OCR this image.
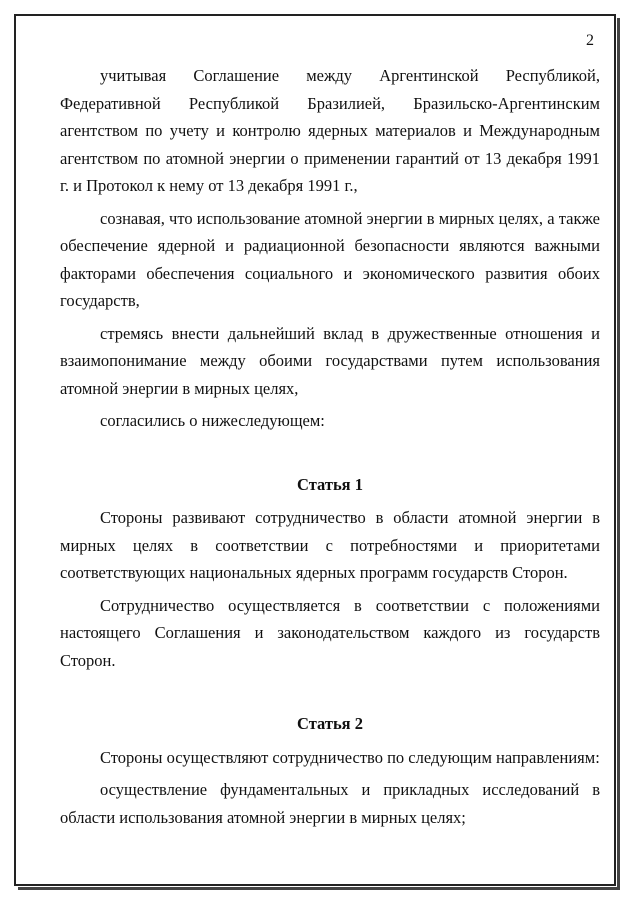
2

учитывая Соглашение между Аргентинской Республикой, Федеративной Республикой Бразилией, Бразильско-Аргентинским агентством по учету и контролю ядерных материалов и Международным агентством по атомной энергии о применении гарантий от 13 декабря 1991 г. и Протокол к нему от 13 декабря 1991 г.,

сознавая, что использование атомной энергии в мирных целях, а также обеспечение ядерной и радиационной безопасности являются важными факторами обеспечения социального и экономического развития обоих государств,

стремясь внести дальнейший вклад в дружественные отношения и взаимопонимание между обоими государствами путем использования атомной энергии в мирных целях,

согласились о нижеследующем:

Статья 1

Стороны развивают сотрудничество в области атомной энергии в мирных целях в соответствии с потребностями и приоритетами соответствующих национальных ядерных программ государств Сторон.

Сотрудничество осуществляется в соответствии с положениями настоящего Соглашения и законодательством каждого из государств Сторон.

Статья 2

Стороны осуществляют сотрудничество по следующим направлениям:

осуществление фундаментальных и прикладных исследований в области использования атомной энергии в мирных целях;
